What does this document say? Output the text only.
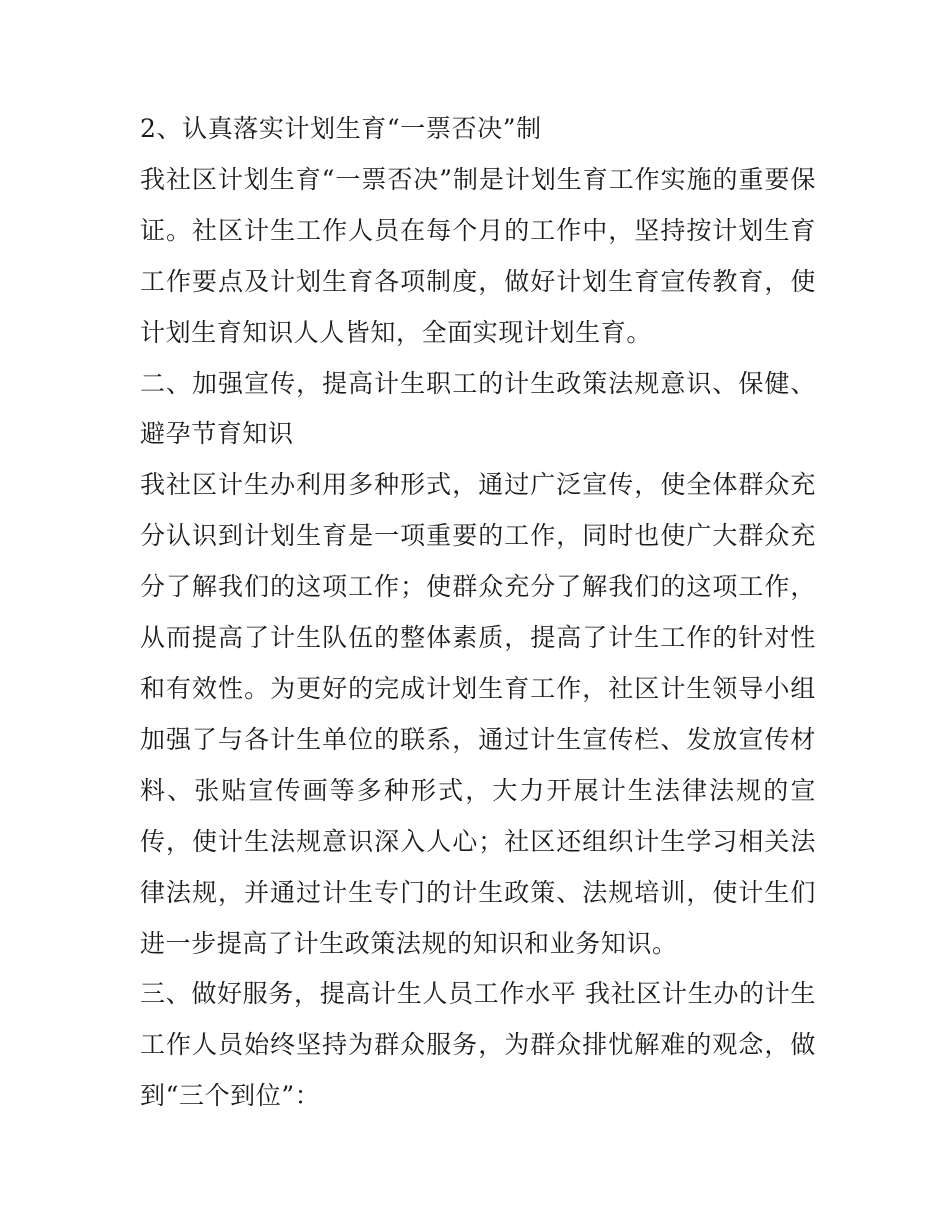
2、认真落实计划生育“一票否决”制

我社区计划生育“一票否决”制是计划生育工作实施的重要保证。社区计生工作人员在每个月的工作中，坚持按计划生育工作要点及计划生育各项制度，做好计划生育宣传教育，使计划生育知识人人皆知，全面实现计划生育。

二、加强宣传，提高计生职工的计生政策法规意识、保健、避孕节育知识

我社区计生办利用多种形式，通过广泛宣传，使全体群众充分认识到计划生育是一项重要的工作，同时也使广大群众充分了解我们的这项工作；使群众充分了解我们的这项工作，从而提高了计生队伍的整体素质，提高了计生工作的针对性和有效性。为更好的完成计划生育工作，社区计生领导小组加强了与各计生单位的联系，通过计生宣传栏、发放宣传材料、张贴宣传画等多种形式，大力开展计生法律法规的宣传，使计生法规意识深入人心；社区还组织计生学习相关法律法规，并通过计生专门的计生政策、法规培训，使计生们进一步提高了计生政策法规的知识和业务知识。

三、做好服务，提高计生人员工作水平 我社区计生办的计生工作人员始终坚持为群众服务，为群众排忧解难的观念，做到“三个到位”：
